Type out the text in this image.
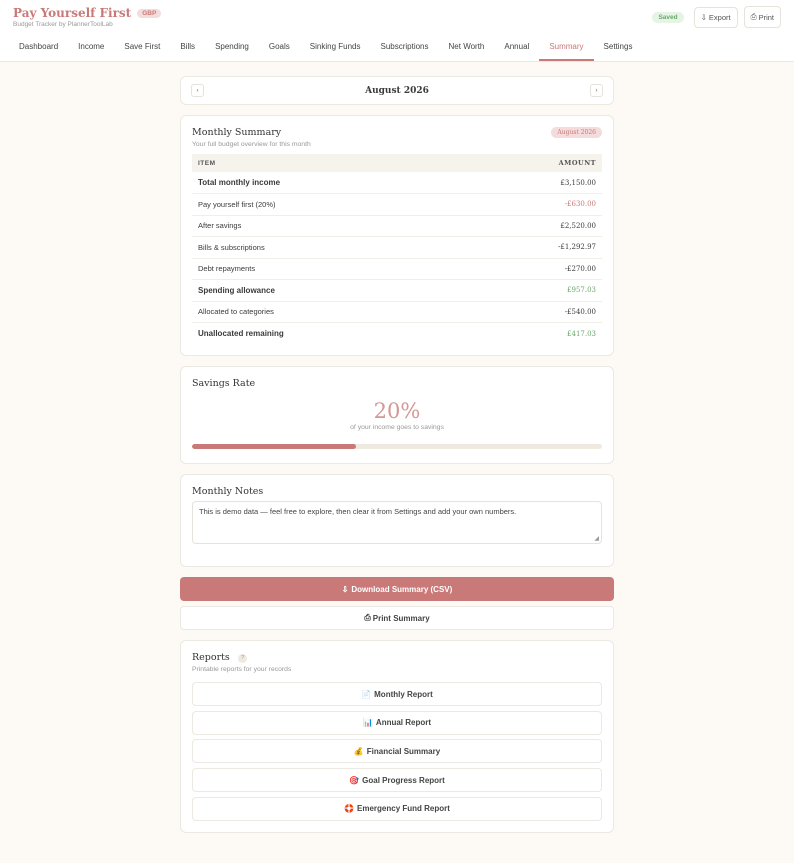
Pay Yourself First	GBP
Budget Tracker by PlannerToolLab
Saved	⇩ Export	⎙ Print
Dashboard	Income	Save First	Bills	Spending	Goals	Sinking Funds	Subscriptions	Net Worth	Annual	Summary	Settings
‹	August 2026	›
Monthly Summary
Your full budget overview for this month
August 2026
ITEM	AMOUNT
Total monthly income	£3,150.00
Pay yourself first (20%)	-£630.00
After savings	£2,520.00
Bills & subscriptions	-£1,292.97
Debt repayments	-£270.00
Spending allowance	£957.03
Allocated to categories	-£540.00
Unallocated remaining	£417.03
Savings Rate
20%
of your income goes to savings
Monthly Notes
This is demo data — feel free to explore, then clear it from Settings and add your own numbers.
◢
⇩ Download Summary (CSV)
⎙ Print Summary
Reports ?
Printable reports for your records
📄 Monthly Report
📊 Annual Report
💰 Financial Summary
🎯 Goal Progress Report
🛟 Emergency Fund Report
